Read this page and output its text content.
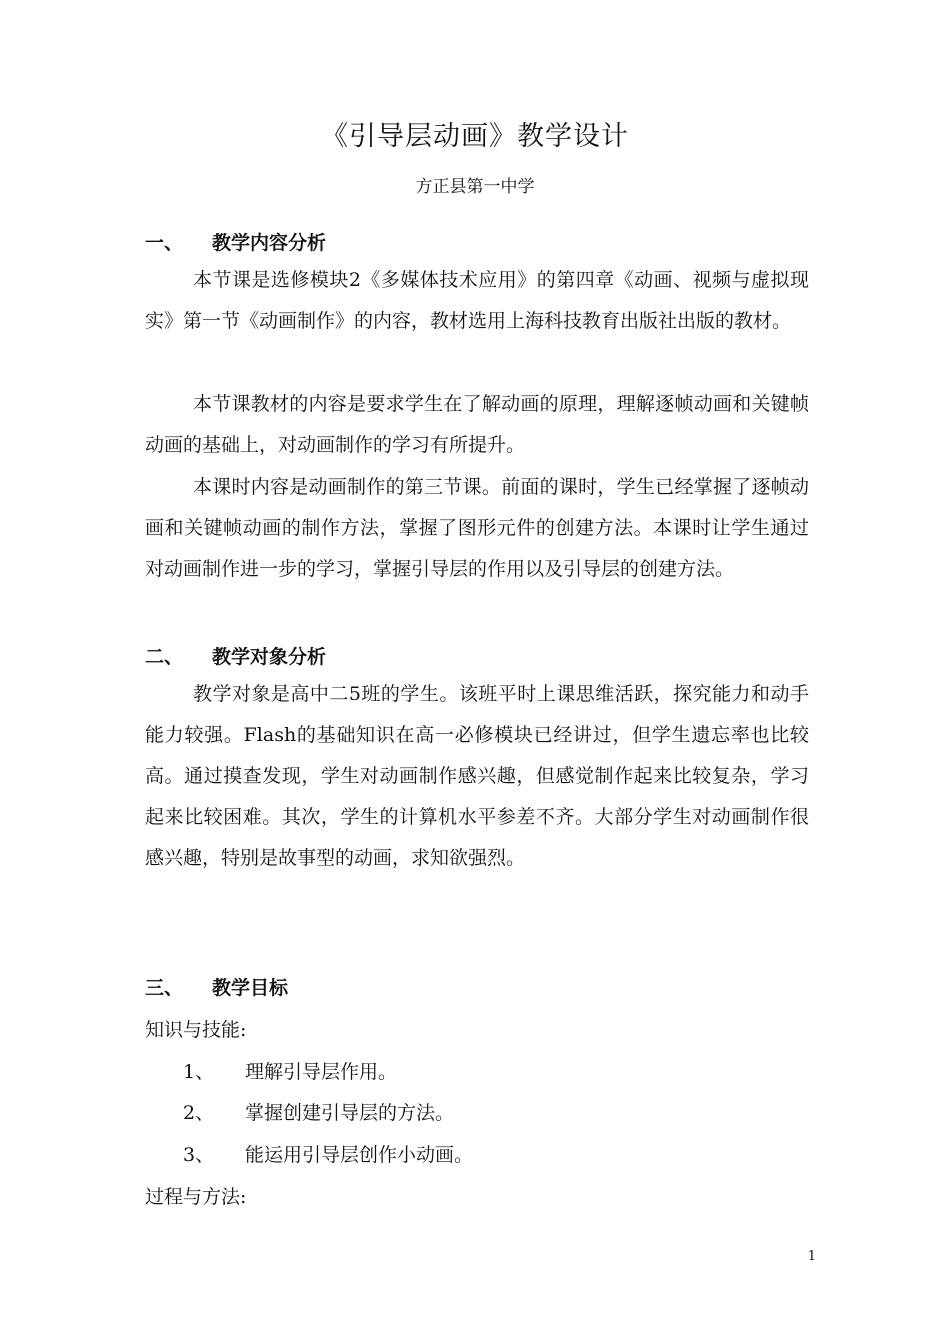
《引导层动画》教学设计
方正县第一中学
一、 教学内容分析

本节课是选修模块2《多媒体技术应用》的第四章《动画、视频与虚拟现实》第一节《动画制作》的内容，教材选用上海科技教育出版社出版的教材。

本节课教材的内容是要求学生在了解动画的原理，理解逐帧动画和关键帧动画的基础上，对动画制作的学习有所提升。

本课时内容是动画制作的第三节课。前面的课时，学生已经掌握了逐帧动画和关键帧动画的制作方法，掌握了图形元件的创建方法。本课时让学生通过对动画制作进一步的学习，掌握引导层的作用以及引导层的创建方法。

二、 教学对象分析

教学对象是高中二5班的学生。该班平时上课思维活跃，探究能力和动手能力较强。Flash的基础知识在高一必修模块已经讲过，但学生遗忘率也比较高。通过摸查发现，学生对动画制作感兴趣，但感觉制作起来比较复杂，学习起来比较困难。其次，学生的计算机水平参差不齐。大部分学生对动画制作很感兴趣，特别是故事型的动画，求知欲强烈。

三、 教学目标
知识与技能:
1、 理解引导层作用。
2、 掌握创建引导层的方法。
3、 能运用引导层创作小动画。
过程与方法:
1
